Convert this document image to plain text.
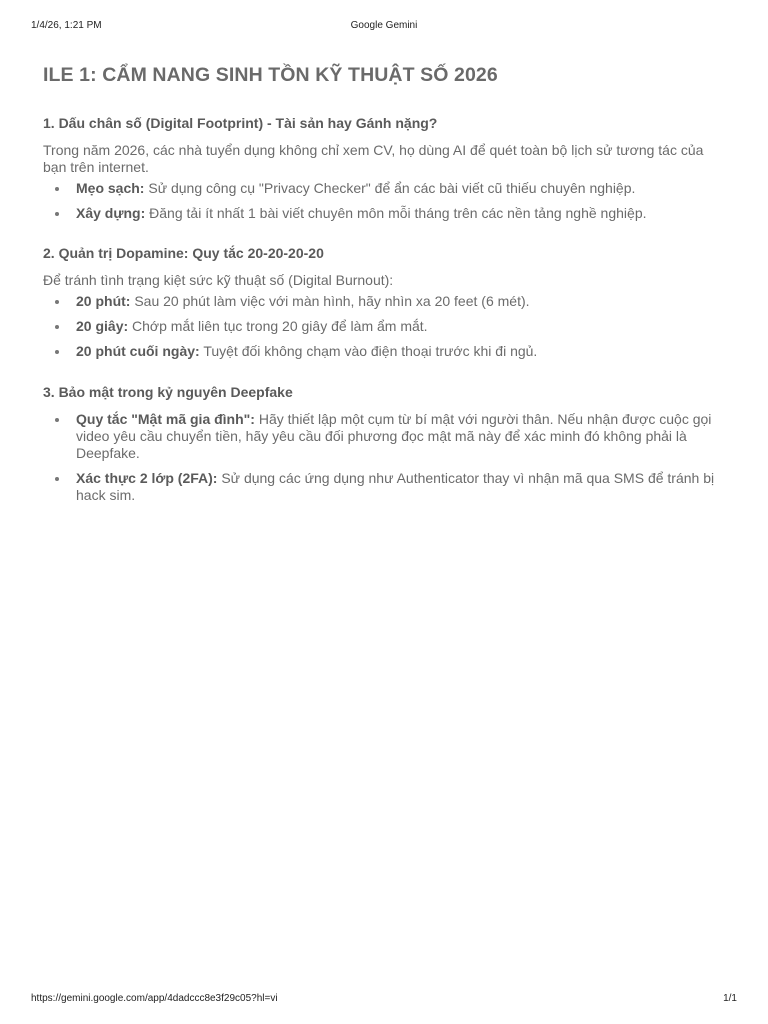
1/4/26, 1:21 PM	Google Gemini
ILE 1: CẨM NANG SINH TỒN KỸ THUẬT SỐ 2026
1. Dấu chân số (Digital Footprint) - Tài sản hay Gánh nặng?

Trong năm 2026, các nhà tuyển dụng không chỉ xem CV, họ dùng AI để quét toàn bộ lịch sử tương tác của bạn trên internet.

Mẹo sạch: Sử dụng công cụ "Privacy Checker" để ẩn các bài viết cũ thiếu chuyên nghiệp.
Xây dựng: Đăng tải ít nhất 1 bài viết chuyên môn mỗi tháng trên các nền tảng nghề nghiệp.
2. Quản trị Dopamine: Quy tắc 20-20-20-20

Để tránh tình trạng kiệt sức kỹ thuật số (Digital Burnout):

20 phút: Sau 20 phút làm việc với màn hình, hãy nhìn xa 20 feet (6 mét).
20 giây: Chớp mắt liên tục trong 20 giây để làm ẩm mắt.
20 phút cuối ngày: Tuyệt đối không chạm vào điện thoại trước khi đi ngủ.
3. Bảo mật trong kỷ nguyên Deepfake
Quy tắc "Mật mã gia đình": Hãy thiết lập một cụm từ bí mật với người thân. Nếu nhận được cuộc gọi video yêu cầu chuyển tiền, hãy yêu cầu đối phương đọc mật mã này để xác minh đó không phải là Deepfake.
Xác thực 2 lớp (2FA): Sử dụng các ứng dụng như Authenticator thay vì nhận mã qua SMS để tránh bị hack sim.
https://gemini.google.com/app/4dadccc8e3f29c05?hl=vi	1/1
